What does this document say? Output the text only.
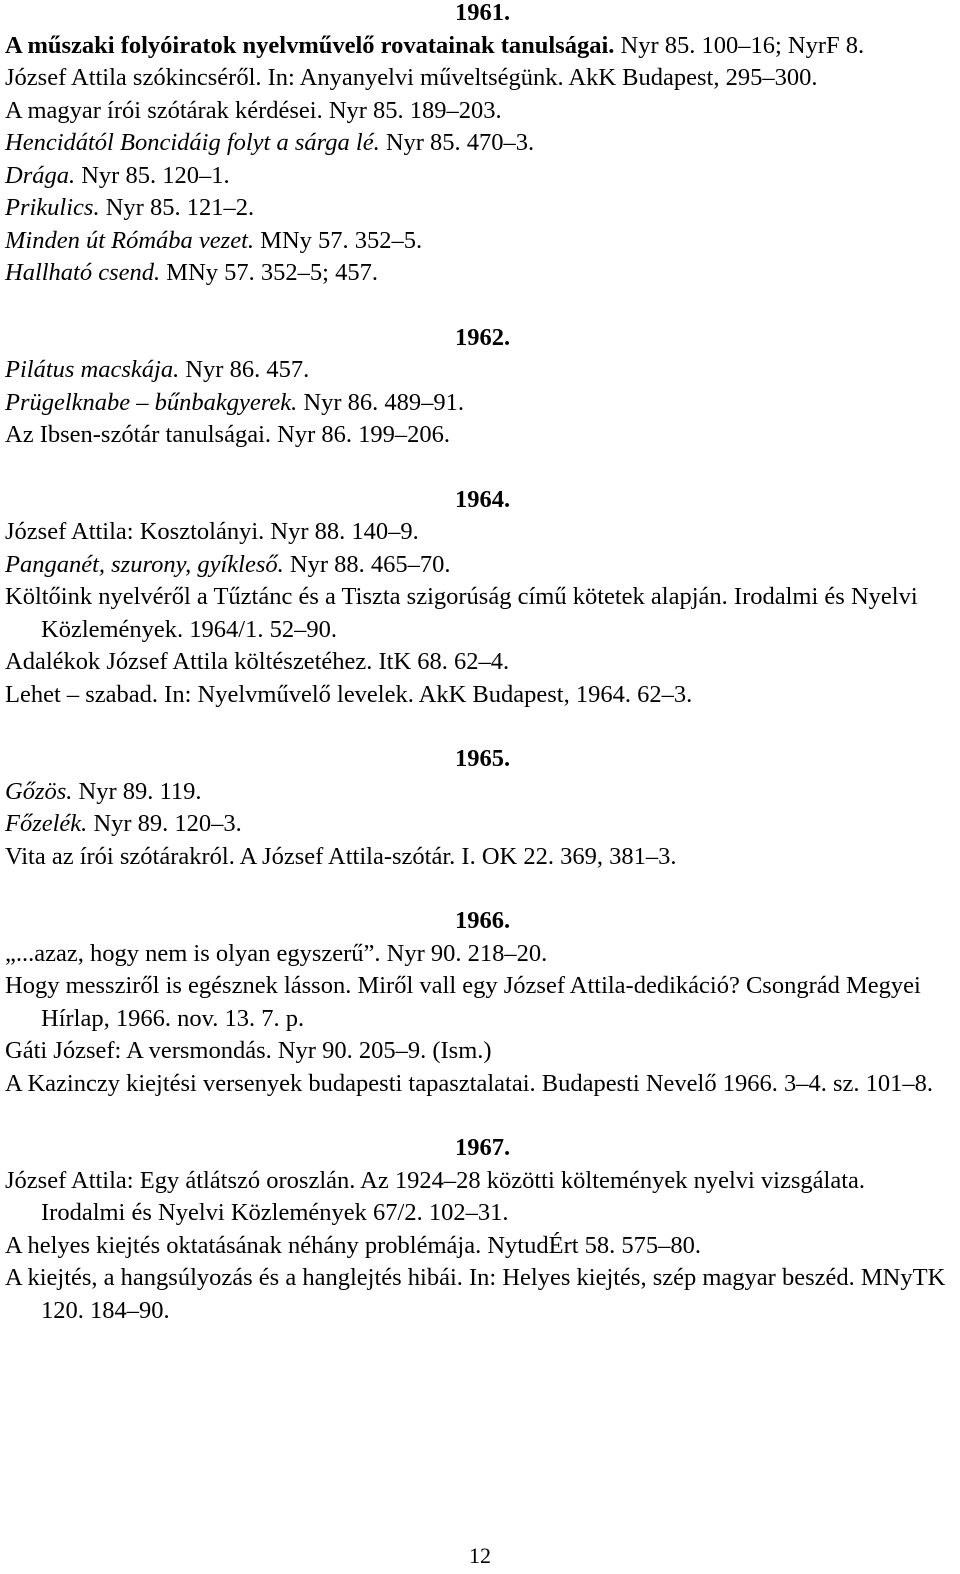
1961.
A műszaki folyóiratok nyelvművelő rovatainak tanulságai. Nyr 85. 100–16; NyrF 8.
József Attila szókincséről. In: Anyanyelvi műveltségünk. AkK Budapest, 295–300.
A magyar írói szótárak kérdései. Nyr 85. 189–203.
Hencidától Boncidáig folyt a sárga lé. Nyr 85. 470–3.
Drága. Nyr 85. 120–1.
Prikulics. Nyr 85. 121–2.
Minden út Rómába vezet. MNy 57. 352–5.
Hallható csend. MNy 57. 352–5; 457.
1962.
Pilátus macskája. Nyr 86. 457.
Prügelknabe – bűnbakgyerek. Nyr 86. 489–91.
Az Ibsen-szótár tanulságai. Nyr 86. 199–206.
1964.
József Attila: Kosztolányi. Nyr 88. 140–9.
Panganét, szurony, gyíkleső. Nyr 88. 465–70.
Költőink nyelvéről a Tűztánc és a Tiszta szigorúság című kötetek alapján. Irodalmi és Nyelvi Közlemények. 1964/1. 52–90.
Adalékok József Attila költészetéhez. ItK 68. 62–4.
Lehet – szabad. In: Nyelvművelő levelek. AkK Budapest, 1964. 62–3.
1965.
Gőzös. Nyr 89. 119.
Főzelék. Nyr 89. 120–3.
Vita az írói szótárakról. A József Attila-szótár. I. OK 22. 369, 381–3.
1966.
„...azaz, hogy nem is olyan egyszerű”. Nyr 90. 218–20.
Hogy messziről is egésznek lásson. Miről vall egy József Attila-dedikáció? Csongrád Megyei Hírlap, 1966. nov. 13. 7. p.
Gáti József: A versmondás. Nyr 90. 205–9. (Ism.)
A Kazinczy kiejtési versenyek budapesti tapasztalatai. Budapesti Nevelő 1966. 3–4. sz. 101–8.
1967.
József Attila: Egy átlátszó oroszlán. Az 1924–28 közötti költemények nyelvi vizsgálata. Irodalmi és Nyelvi Közlemények 67/2. 102–31.
A helyes kiejtés oktatásának néhány problémája. NytudÉrt 58. 575–80.
A kiejtés, a hangsúlyozás és a hanglejtés hibái. In: Helyes kiejtés, szép magyar beszéd. MNyTK 120. 184–90.
12
